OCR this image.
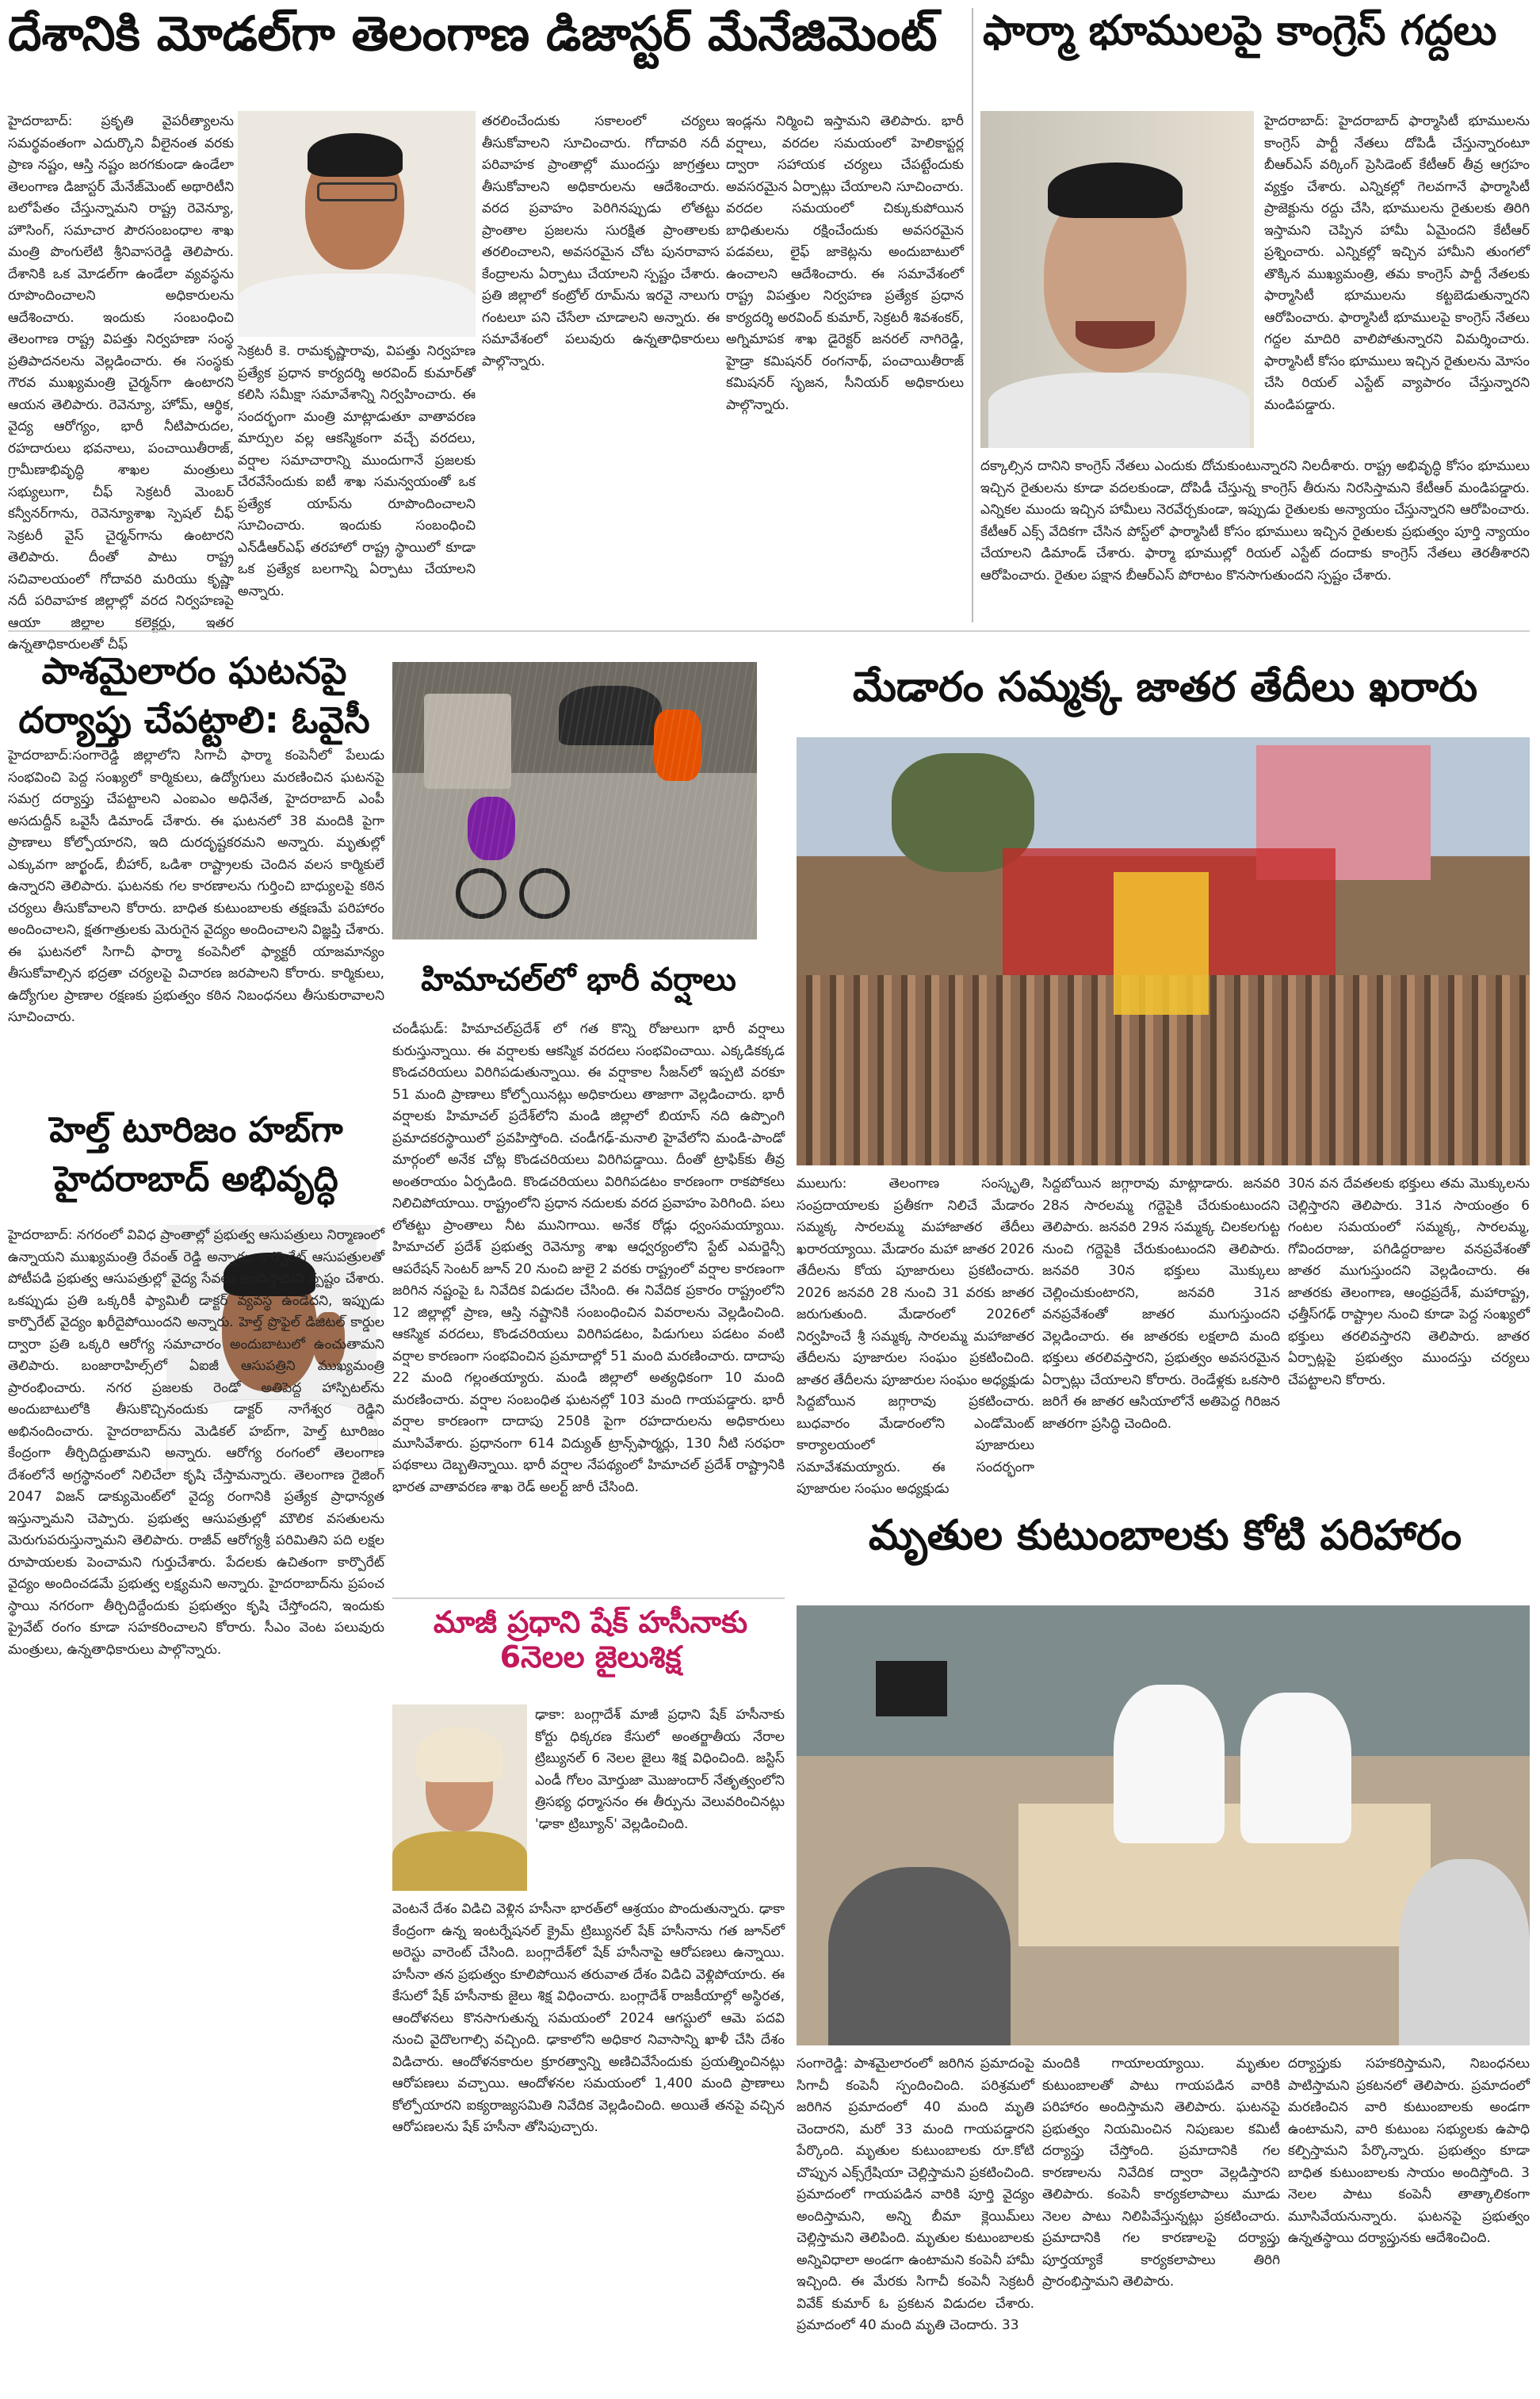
దేశానికి మోడల్‌గా తెలంగాణ డిజాస్టర్ మేనేజిమెంట్
హైదరాబాద్: ప్రకృతి వైపరీత్యాలను సమర్థవంతంగా ఎదుర్కొని వీలైనంత వరకు ప్రాణ నష్టం, ఆస్తి నష్టం జరగకుండా ఉండేలా తెలంగాణ డిజాస్టర్ మేనేజ్‌మెంట్ అథారిటీని బలోపేతం చేస్తున్నామని రాష్ట్ర రెవెన్యూ, హౌసింగ్, సమాచార పౌరసంబంధాల శాఖ మంత్రి పొంగులేటి శ్రీనివాసరెడ్డి తెలిపారు. దేశానికి ఒక మోడల్‌గా ఉండేలా వ్యవస్థను రూపొందించాలని అధికారులను ఆదేశించారు. ఇందుకు సంబంధించి తెలంగాణ రాష్ట్ర విపత్తు నిర్వహణా సంస్థ ప్రతిపాదనలను వెల్లడించారు. ఈ సంస్థకు గౌరవ ముఖ్యమంత్రి చైర్మన్‌గా ఉంటారని ఆయన తెలిపారు. రెవెన్యూ, హోమ్, ఆర్థిక, వైద్య ఆరోగ్యం, భారీ నీటిపారుదల, రహదారులు భవనాలు, పంచాయితీరాజ్, గ్రామీణాభివృద్ధి శాఖల మంత్రులు సభ్యులుగా, చీఫ్ సెక్రటరీ మెంబర్ కన్వీనర్‌గాను, రెవెన్యూశాఖ స్పెషల్ చీఫ్ సెక్రటరీ వైస్ చైర్మన్‌గాను ఉంటారని తెలిపారు. దీంతో పాటు రాష్ట్ర సచివాలయంలో గోదావరి మరియు కృష్ణా నదీ పరివాహక జిల్లాల్లో వరద నిర్వహణపై ఆయా జిల్లాల కలెక్టర్లు, ఇతర ఉన్నతాధికారులతో చీఫ్
సెక్రటరీ కె. రామకృష్ణారావు, విపత్తు నిర్వహణ ప్రత్యేక ప్రధాన కార్యదర్శి అరవింద్ కుమార్‌తో కలిసి సమీక్షా సమావేశాన్ని నిర్వహించారు. ఈ సందర్భంగా మంత్రి మాట్లాడుతూ వాతావరణ మార్పుల వల్ల ఆకస్మికంగా వచ్చే వరదలు, వర్షాల సమాచారాన్ని ముందుగానే ప్రజలకు చేరవేసేందుకు ఐటీ శాఖ సమన్వయంతో ఒక ప్రత్యేక యాప్‌ను రూపొందించాలని సూచించారు. ఇందుకు సంబంధించి ఎన్‌డీఆర్‌ఎఫ్ తరహాలో రాష్ట్ర స్థాయిలో కూడా ఒక ప్రత్యేక బలగాన్ని ఏర్పాటు చేయాలని అన్నారు.
తరలించేందుకు సకాలంలో చర్యలు తీసుకోవాలని సూచించారు. గోదావరి నదీ పరివాహక ప్రాంతాల్లో ముందస్తు జాగ్రత్తలు తీసుకోవాలని అధికారులను ఆదేశించారు. వరద ప్రవాహం పెరిగినప్పుడు లోతట్టు ప్రాంతాల ప్రజలను సురక్షిత ప్రాంతాలకు తరలించాలని, అవసరమైన చోట పునరావాస కేంద్రాలను ఏర్పాటు చేయాలని స్పష్టం చేశారు. ప్రతి జిల్లాలో కంట్రోల్ రూమ్‌ను ఇరవై నాలుగు గంటలూ పని చేసేలా చూడాలని అన్నారు. ఈ సమావేశంలో పలువురు ఉన్నతాధికారులు పాల్గొన్నారు.
ఇండ్లను నిర్మించి ఇస్తామని తెలిపారు. భారీ వర్షాలు, వరదల సమయంలో హెలికాప్టర్ల ద్వారా సహాయక చర్యలు చేపట్టేందుకు అవసరమైన ఏర్పాట్లు చేయాలని సూచించారు. వరదల సమయంలో చిక్కుకుపోయిన బాధితులను రక్షించేందుకు అవసరమైన పడవలు, లైఫ్ జాకెట్లను అందుబాటులో ఉంచాలని ఆదేశించారు. ఈ సమావేశంలో రాష్ట్ర విపత్తుల నిర్వహణ ప్రత్యేక ప్రధాన కార్యదర్శి అరవింద్ కుమార్, సెక్రటరీ శివశంకర్, అగ్నిమాపక శాఖ డైరెక్టర్ జనరల్ నాగిరెడ్డి, హైడ్రా కమిషనర్ రంగనాథ్, పంచాయితీరాజ్ కమిషనర్ సృజన, సీనియర్ అధికారులు పాల్గొన్నారు.
ఫార్మా భూములపై కాంగ్రెస్ గద్దలు
హైదరాబాద్: హైదరాబాద్ ఫార్మాసిటీ భూములను కాంగ్రెస్ పార్టీ నేతలు దోపిడీ చేస్తున్నారంటూ బీఆర్‌ఎస్ వర్కింగ్ ప్రెసిడెంట్ కేటీఆర్ తీవ్ర ఆగ్రహం వ్యక్తం చేశారు. ఎన్నికల్లో గెలవగానే ఫార్మాసిటీ ప్రాజెక్టును రద్దు చేసి, భూములను రైతులకు తిరిగి ఇస్తామని చెప్పిన హామీ ఏమైందని కేటీఆర్ ప్రశ్నించారు. ఎన్నికల్లో ఇచ్చిన హామీని తుంగలో తొక్కిన ముఖ్యమంత్రి, తమ కాంగ్రెస్ పార్టీ నేతలకు ఫార్మాసిటీ భూములను కట్టబెడుతున్నారని ఆరోపించారు. ఫార్మాసిటీ భూములపై కాంగ్రెస్ నేతలు గద్దల మాదిరి వాలిపోతున్నారని విమర్శించారు. ఫార్మాసిటీ కోసం భూములు ఇచ్చిన రైతులను మోసం చేసి రియల్ ఎస్టేట్ వ్యాపారం చేస్తున్నారని మండిపడ్డారు.
దక్కాల్సిన దానిని కాంగ్రెస్ నేతలు ఎందుకు దోచుకుంటున్నారని నిలదీశారు. రాష్ట్ర అభివృద్ధి కోసం భూములు ఇచ్చిన రైతులను కూడా వదలకుండా, దోపిడీ చేస్తున్న కాంగ్రెస్ తీరును నిరసిస్తామని కేటీఆర్ మండిపడ్డారు. ఎన్నికల ముందు ఇచ్చిన హామీలు నెరవేర్చకుండా, ఇప్పుడు రైతులకు అన్యాయం చేస్తున్నారని ఆరోపించారు. కేటీఆర్ ఎక్స్ వేదికగా చేసిన పోస్ట్‌లో ఫార్మాసిటీ కోసం భూములు ఇచ్చిన రైతులకు ప్రభుత్వం పూర్తి న్యాయం చేయాలని డిమాండ్ చేశారు. ఫార్మా భూముల్లో రియల్ ఎస్టేట్ దందాకు కాంగ్రెస్ నేతలు తెరతీశారని ఆరోపించారు. రైతుల పక్షాన బీఆర్‌ఎస్ పోరాటం కొనసాగుతుందని స్పష్టం చేశారు.
పాశమైలారం ఘటనపై దర్యాప్తు చేపట్టాలి: ఓవైసీ
హైదరాబాద్:సంగారెడ్డి జిల్లాలోని సిగాచీ ఫార్మా కంపెనీలో పేలుడు సంభవించి పెద్ద సంఖ్యలో కార్మికులు, ఉద్యోగులు మరణించిన ఘటనపై సమగ్ర దర్యాప్తు చేపట్టాలని ఎంఐఎం అధినేత, హైదరాబాద్ ఎంపీ అసదుద్దీన్ ఒవైసీ డిమాండ్ చేశారు. ఈ ఘటనలో 38 మందికి పైగా ప్రాణాలు కోల్పోయారని, ఇది దురదృష్టకరమని అన్నారు. మృతుల్లో ఎక్కువగా జార్ఖండ్, బీహార్, ఒడిశా రాష్ట్రాలకు చెందిన వలస కార్మికులే ఉన్నారని తెలిపారు. ఘటనకు గల కారణాలను గుర్తించి బాధ్యులపై కఠిన చర్యలు తీసుకోవాలని కోరారు. బాధిత కుటుంబాలకు తక్షణమే పరిహారం అందించాలని, క్షతగాత్రులకు మెరుగైన వైద్యం అందించాలని విజ్ఞప్తి చేశారు. ఈ ఘటనలో సిగాచీ ఫార్మా కంపెనీలో ఫ్యాక్టరీ యాజమాన్యం తీసుకోవాల్సిన భద్రతా చర్యలపై విచారణ జరపాలని కోరారు. కార్మికులు, ఉద్యోగుల ప్రాణాల రక్షణకు ప్రభుత్వం కఠిన నిబంధనలు తీసుకురావాలని సూచించారు.
హిమాచల్‌లో భారీ వర్షాలు
చండీఘడ్: హిమాచల్‌ప్రదేశ్ లో గత కొన్ని రోజులుగా భారీ వర్షాలు కురుస్తున్నాయి. ఈ వర్షాలకు ఆకస్మిక వరదలు సంభవించాయి. ఎక్కడికక్కడ కొండచరియలు విరిగిపడుతున్నాయి. ఈ వర్షాకాల సీజన్‌లో ఇప్పటి వరకూ 51 మంది ప్రాణాలు కోల్పోయినట్లు అధికారులు తాజాగా వెల్లడించారు. భారీ వర్షాలకు హిమాచల్ ప్రదేశ్‌లోని మండి జిల్లాలో బియాస్ నది ఉప్పొంగి ప్రమాదకరస్థాయిలో ప్రవహిస్తోంది. చండీగఢ్-మనాలి హైవేలోని మండి-పాండో మార్గంలో అనేక చోట్ల కొండచరియలు విరిగిపడ్డాయి. దీంతో ట్రాఫిక్‌కు తీవ్ర అంతరాయం ఏర్పడింది. కొండచరియలు విరిగిపడటం కారణంగా రాకపోకలు నిలిచిపోయాయి. రాష్ట్రంలోని ప్రధాన నదులకు వరద ప్రవాహం పెరిగింది. పలు లోతట్టు ప్రాంతాలు నీట మునిగాయి. అనేక రోడ్లు ధ్వంసమయ్యాయి. హిమాచల్ ప్రదేశ్ ప్రభుత్వ రెవెన్యూ శాఖ ఆధ్వర్యంలోని స్టేట్ ఎమర్జెన్సీ ఆపరేషన్ సెంటర్ జూన్ 20 నుంచి జులై 2 వరకు రాష్ట్రంలో వర్షాల కారణంగా జరిగిన నష్టంపై ఓ నివేదిక విడుదల చేసింది. ఈ నివేదిక ప్రకారం రాష్ట్రంలోని 12 జిల్లాల్లో ప్రాణ, ఆస్తి నష్టానికి సంబంధించిన వివరాలను వెల్లడించింది. ఆకస్మిక వరదలు, కొండచరియలు విరిగిపడటం, పిడుగులు పడటం వంటి వర్షాల కారణంగా సంభవించిన ప్రమాదాల్లో 51 మంది మరణించారు. దాదాపు 22 మంది గల్లంతయ్యారు. మండి జిల్లాలో అత్యధికంగా 10 మంది మరణించారు. వర్షాల సంబంధిత ఘటనల్లో 103 మంది గాయపడ్డారు. భారీ వర్షాల కారణంగా దాదాపు 250కి పైగా రహదారులను అధికారులు మూసివేశారు. ప్రధానంగా 614 విద్యుత్ ట్రాన్స్‌ఫార్మర్లు, 130 నీటి సరఫరా పథకాలు దెబ్బతిన్నాయి. భారీ వర్షాల నేపథ్యంలో హిమాచల్ ప్రదేశ్ రాష్ట్రానికి భారత వాతావరణ శాఖ రెడ్ అలర్ట్ జారీ చేసింది.
హెల్త్ టూరిజం హబ్‌గా హైదరాబాద్ అభివృద్ధి
హైదరాబాద్: నగరంలో వివిధ ప్రాంతాల్లో ప్రభుత్వ ఆసుపత్రులు నిర్మాణంలో ఉన్నాయని ముఖ్యమంత్రి రేవంత్ రెడ్డి అన్నారు. కార్పొరేట్ ఆసుపత్రులతో పోటీపడి ప్రభుత్వ ఆసుపత్రుల్లో వైద్య సేవలు అందిస్తామని స్పష్టం చేశారు. ఒకప్పుడు ప్రతి ఒక్కరికీ ఫ్యామిలీ డాక్టర్ వ్యవస్థ ఉండేదని, ఇప్పుడు కార్పొరేట్ వైద్యం ఖరీదైపోయిందని అన్నారు. హెల్త్ ప్రొఫైల్ డిజిటల్ కార్డుల ద్వారా ప్రతి ఒక్కరి ఆరోగ్య సమాచారం అందుబాటులో ఉంచుతామని తెలిపారు. బంజారాహిల్స్‌లో ఏఐజీ ఆసుపత్రిని ముఖ్యమంత్రి ప్రారంభించారు. నగర ప్రజలకు రెండో అతిపెద్ద హాస్పిటల్‌ను అందుబాటులోకి తీసుకొచ్చినందుకు డాక్టర్ నాగేశ్వర రెడ్డిని అభినందించారు. హైదరాబాద్‌ను మెడికల్ హబ్‌గా, హెల్త్ టూరిజం కేంద్రంగా తీర్చిదిద్దుతామని అన్నారు. ఆరోగ్య రంగంలో తెలంగాణ దేశంలోనే అగ్రస్థానంలో నిలిచేలా కృషి చేస్తామన్నారు. తెలంగాణ రైజింగ్ 2047 విజన్ డాక్యుమెంట్‌లో వైద్య రంగానికి ప్రత్యేక ప్రాధాన్యత ఇస్తున్నామని చెప్పారు. ప్రభుత్వ ఆసుపత్రుల్లో మౌలిక వసతులను మెరుగుపరుస్తున్నామని తెలిపారు. రాజీవ్ ఆరోగ్యశ్రీ పరిమితిని పది లక్షల రూపాయలకు పెంచామని గుర్తుచేశారు. పేదలకు ఉచితంగా కార్పొరేట్ వైద్యం అందించడమే ప్రభుత్వ లక్ష్యమని అన్నారు. హైదరాబాద్‌ను ప్రపంచ స్థాయి నగరంగా తీర్చిదిద్దేందుకు ప్రభుత్వం కృషి చేస్తోందని, ఇందుకు ప్రైవేట్ రంగం కూడా సహకరించాలని కోరారు. సీఎం వెంట పలువురు మంత్రులు, ఉన్నతాధికారులు పాల్గొన్నారు.
మేడారం సమ్మక్క జాతర తేదీలు ఖరారు
ములుగు: తెలంగాణ సంస్కృతి, సంప్రదాయాలకు ప్రతీకగా నిలిచే మేడారం సమ్మక్క సారలమ్మ మహాజాతర తేదీలు ఖరారయ్యాయి. మేడారం మహా జాతర 2026 తేదీలను కోయ పూజారులు ప్రకటించారు. 2026 జనవరి 28 నుంచి 31 వరకు జాతర జరుగుతుంది. మేడారంలో 2026లో నిర్వహించే శ్రీ సమ్మక్క సారలమ్మ మహాజాతర తేదీలను పూజారుల సంఘం ప్రకటించింది. జాతర తేదీలను పూజారుల సంఘం అధ్యక్షుడు సిద్దబోయిన జగ్గారావు ప్రకటించారు. బుధవారం మేడారంలోని ఎండోమెంట్ కార్యాలయంలో పూజారులు సమావేశమయ్యారు. ఈ సందర్భంగా పూజారుల సంఘం అధ్యక్షుడు
సిద్దబోయిన జగ్గారావు మాట్లాడారు. జనవరి 28న సారలమ్మ గద్దెపైకి చేరుకుంటుందని తెలిపారు. జనవరి 29న సమ్మక్క చిలకలగుట్ట నుంచి గద్దెపైకి చేరుకుంటుందని తెలిపారు. జనవరి 30న భక్తులు మొక్కులు చెల్లించుకుంటారని, జనవరి 31న వనప్రవేశంతో జాతర ముగుస్తుందని వెల్లడించారు. ఈ జాతరకు లక్షలాది మంది భక్తులు తరలివస్తారని, ప్రభుత్వం అవసరమైన ఏర్పాట్లు చేయాలని కోరారు. రెండేళ్లకు ఒకసారి జరిగే ఈ జాతర ఆసియాలోనే అతిపెద్ద గిరిజన జాతరగా ప్రసిద్ధి చెందింది.
30న వన దేవతలకు భక్తులు తమ మొక్కులను చెల్లిస్తారని తెలిపారు. 31న సాయంత్రం 6 గంటల సమయంలో సమ్మక్క, సారలమ్మ, గోవిందరాజు, పగిడిద్దరాజుల వనప్రవేశంతో జాతర ముగుస్తుందని వెల్లడించారు. ఈ జాతరకు తెలంగాణ, ఆంధ్రప్రదేశ్, మహారాష్ట్ర, ఛత్తీస్‌గఢ్ రాష్ట్రాల నుంచి కూడా పెద్ద సంఖ్యలో భక్తులు తరలివస్తారని తెలిపారు. జాతర ఏర్పాట్లపై ప్రభుత్వం ముందస్తు చర్యలు చేపట్టాలని కోరారు.
మాజీ ప్రధాని షేక్ హసీనాకు 6నెలల జైలుశిక్ష
ఢాకా: బంగ్లాదేశ్ మాజీ ప్రధాని షేక్ హసీనాకు కోర్టు ధిక్కరణ కేసులో అంతర్జాతీయ నేరాల ట్రిబ్యునల్ 6 నెలల జైలు శిక్ష విధించింది. జస్టిస్ ఎండీ గోలం మోర్తుజా మొజుందార్ నేతృత్వంలోని త్రిసభ్య ధర్మాసనం ఈ తీర్పును వెలువరించినట్లు 'ఢాకా ట్రిబ్యూన్' వెల్లడించింది.
వెంటనే దేశం విడిచి వెళ్లిన హసీనా భారత్‌లో ఆశ్రయం పొందుతున్నారు. ఢాకా కేంద్రంగా ఉన్న ఇంటర్నేషనల్ క్రైమ్ ట్రిబ్యునల్ షేక్ హసీనాను గత జూన్‌లో అరెస్టు వారెంట్ చేసింది. బంగ్లాదేశ్‌లో షేక్ హసీనాపై ఆరోపణలు ఉన్నాయి. హసీనా తన ప్రభుత్వం కూలిపోయిన తరువాత దేశం విడిచి వెళ్లిపోయారు. ఈ కేసులో షేక్ హసీనాకు జైలు శిక్ష విధించారు. బంగ్లాదేశ్ రాజకీయాల్లో అస్థిరత, ఆందోళనలు కొనసాగుతున్న సమయంలో 2024 ఆగస్టులో ఆమె పదవి నుంచి వైదొలగాల్సి వచ్చింది. ఢాకాలోని అధికార నివాసాన్ని ఖాళీ చేసి దేశం విడిచారు. ఆందోళనకారుల క్రూరత్వాన్ని అణిచివేసేందుకు ప్రయత్నించినట్లు ఆరోపణలు వచ్చాయి. ఆందోళనల సమయంలో 1,400 మంది ప్రాణాలు కోల్పోయారని ఐక్యరాజ్యసమితి నివేదిక వెల్లడించింది. అయితే తనపై వచ్చిన ఆరోపణలను షేక్ హసీనా తోసిపుచ్చారు.
మృతుల కుటుంబాలకు కోటి పరిహారం
సంగారెడ్డి: పాశమైలారంలో జరిగిన ప్రమాదంపై సిగాచీ కంపెనీ స్పందించింది. పరిశ్రమలో జరిగిన ప్రమాదంలో 40 మంది మృతి చెందారని, మరో 33 మంది గాయపడ్డారని పేర్కొంది. మృతుల కుటుంబాలకు రూ.కోటి చొప్పున ఎక్స్‌గ్రేషియా చెల్లిస్తామని ప్రకటించింది. ప్రమాదంలో గాయపడిన వారికి పూర్తి వైద్యం అందిస్తామని, అన్ని బీమా క్లెయిమ్‌లు చెల్లిస్తామని తెలిపింది. మృతుల కుటుంబాలకు అన్నివిధాలా అండగా ఉంటామని కంపెనీ హామీ ఇచ్చింది. ఈ మేరకు సిగాచీ కంపెనీ సెక్రటరీ వివేక్ కుమార్ ఓ ప్రకటన విడుదల చేశారు. ప్రమాదంలో 40 మంది మృతి చెందారు. 33
మందికి గాయాలయ్యాయి. మృతుల కుటుంబాలతో పాటు గాయపడిన వారికి పరిహారం అందిస్తామని తెలిపారు. ఘటనపై ప్రభుత్వం నియమించిన నిపుణుల కమిటీ దర్యాప్తు చేస్తోంది. ప్రమాదానికి గల కారణాలను నివేదిక ద్వారా వెల్లడిస్తారని తెలిపారు. కంపెనీ కార్యకలాపాలు మూడు నెలల పాటు నిలిపివేస్తున్నట్లు ప్రకటించారు. ప్రమాదానికి గల కారణాలపై దర్యాప్తు పూర్తయ్యాకే కార్యకలాపాలు తిరిగి ప్రారంభిస్తామని తెలిపారు.
దర్యాప్తుకు సహకరిస్తామని, నిబంధనలు పాటిస్తామని ప్రకటనలో తెలిపారు. ప్రమాదంలో మరణించిన వారి కుటుంబాలకు అండగా ఉంటామని, వారి కుటుంబ సభ్యులకు ఉపాధి కల్పిస్తామని పేర్కొన్నారు. ప్రభుత్వం కూడా బాధిత కుటుంబాలకు సాయం అందిస్తోంది. 3 నెలల పాటు కంపెనీ తాత్కాలికంగా మూసివేయనున్నారు. ఘటనపై ప్రభుత్వం ఉన్నతస్థాయి దర్యాప్తునకు ఆదేశించింది.
